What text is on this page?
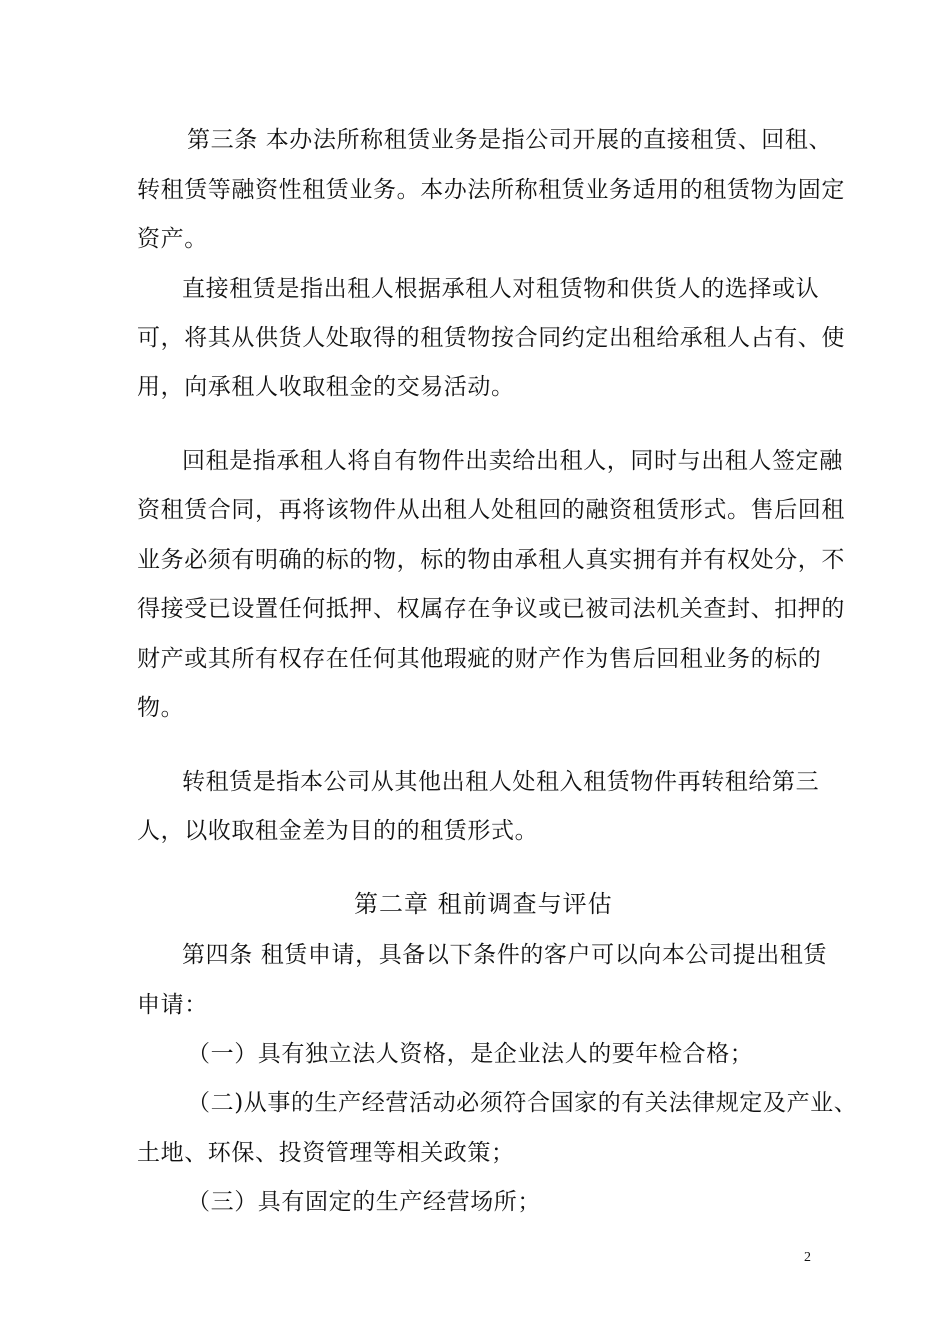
第三条 本办法所称租赁业务是指公司开展的直接租赁、回租、
转租赁等融资性租赁业务。本办法所称租赁业务适用的租赁物为固定
资产。
直接租赁是指出租人根据承租人对租赁物和供货人的选择或认
可，将其从供货人处取得的租赁物按合同约定出租给承租人占有、使
用，向承租人收取租金的交易活动。
回租是指承租人将自有物件出卖给出租人，同时与出租人签定融
资租赁合同，再将该物件从出租人处租回的融资租赁形式。售后回租
业务必须有明确的标的物，标的物由承租人真实拥有并有权处分，不
得接受已设置任何抵押、权属存在争议或已被司法机关查封、扣押的
财产或其所有权存在任何其他瑕疵的财产作为售后回租业务的标的
物。
转租赁是指本公司从其他出租人处租入租赁物件再转租给第三
人，以收取租金差为目的的租赁形式。
第二章 租前调查与评估
第四条 租赁申请，具备以下条件的客户可以向本公司提出租赁
申请：
（一）具有独立法人资格，是企业法人的要年检合格；
（二)从事的生产经营活动必须符合国家的有关法律规定及产业、
土地、环保、投资管理等相关政策；
（三）具有固定的生产经营场所；
2
